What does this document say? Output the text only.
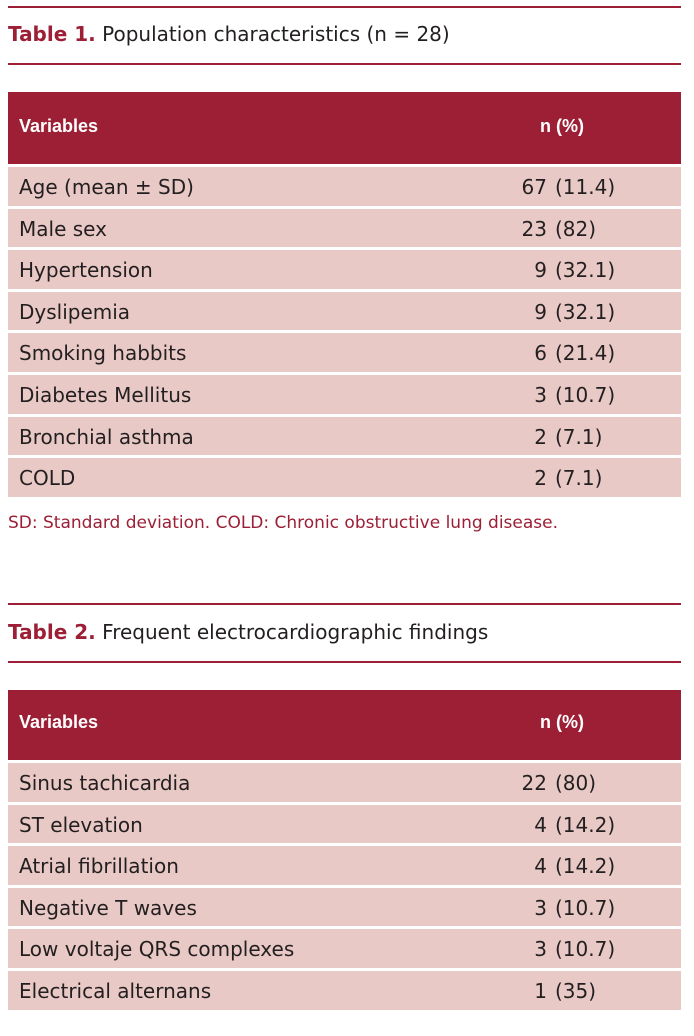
Table 1. Population characteristics (n = 28)
Variables	n (%)
Age (mean ± SD)	67 (11.4)
Male sex	23 (82)
Hypertension	9 (32.1)
Dyslipemia	9 (32.1)
Smoking habbits	6 (21.4)
Diabetes Mellitus	3 (10.7)
Bronchial asthma	2 (7.1)
COLD	2 (7.1)
SD: Standard deviation. COLD: Chronic obstructive lung disease.
Table 2. Frequent electrocardiographic findings
Variables	n (%)
Sinus tachicardia	22 (80)
ST elevation	4 (14.2)
Atrial fibrillation	4 (14.2)
Negative T waves	3 (10.7)
Low voltaje QRS complexes	3 (10.7)
Electrical alternans	1 (35)
